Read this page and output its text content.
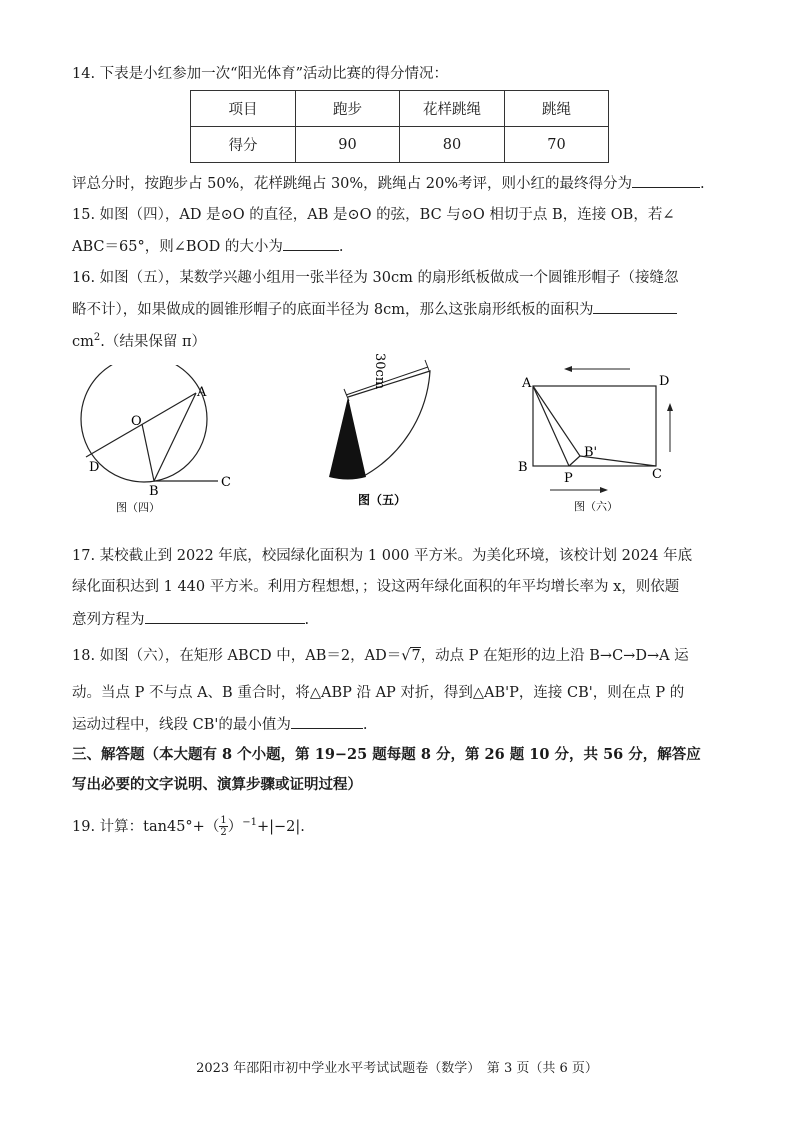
14. 下表是小红参加一次“阳光体育”活动比赛的得分情况：
项目	跑步	花样跳绳	跳绳
得分	90	80	70
评总分时，按跑步占 50%，花样跳绳占 30%，跳绳占 20%考评，则小红的最终得分为	.
15. 如图（四），AD 是⊙O 的直径，AB 是⊙O 的弦，BC 与⊙O 相切于点 B，连接 OB，若∠
ABC＝65°，则∠BOD 的大小为	.
16. 如图（五），某数学兴趣小组用一张半径为 30cm 的扇形纸板做成一个圆锥形帽子（接缝忽
略不计），如果做成的圆锥形帽子的底面半径为 8cm，那么这张扇形纸板的面积为
$cm^2$.（结果保留 π）
A
O
D
B
C
图（四）
30cm
图（五）
A	D
B
B'
P	C
图（六）
17. 某校截止到 2022 年底，校园绿化面积为 1 000 平方米。为美化环境，该校计划 2024 年底
绿化面积达到 1 440 平方米。利用方程想想，；设这两年绿化面积的年平均增长率为 x，则依题
意列方程为	.
18. 如图（六），在矩形 ABCD 中，AB＝2，AD＝√7，动点 P 在矩形的边上沿 B→C→D→A 运
动。当点 P 不与点 A、B 重合时，将△ABP 沿 AP 对折，得到△AB'P，连接 CB'，则在点 P 的
运动过程中，线段 CB'的最小值为	.
三、解答题（本大题有 8 个小题，第 19−25 题每题 8 分，第 26 题 10 分，共 56 分，解答应
写出必要的文字说明、演算步骤或证明过程）
19. 计算：$\tan 45^\circ+( \frac{1}{2} )^{-1}+|-2|$.
2023 年邵阳市初中学业水平考试试题卷（数学）　第 3 页（共 6 页）
